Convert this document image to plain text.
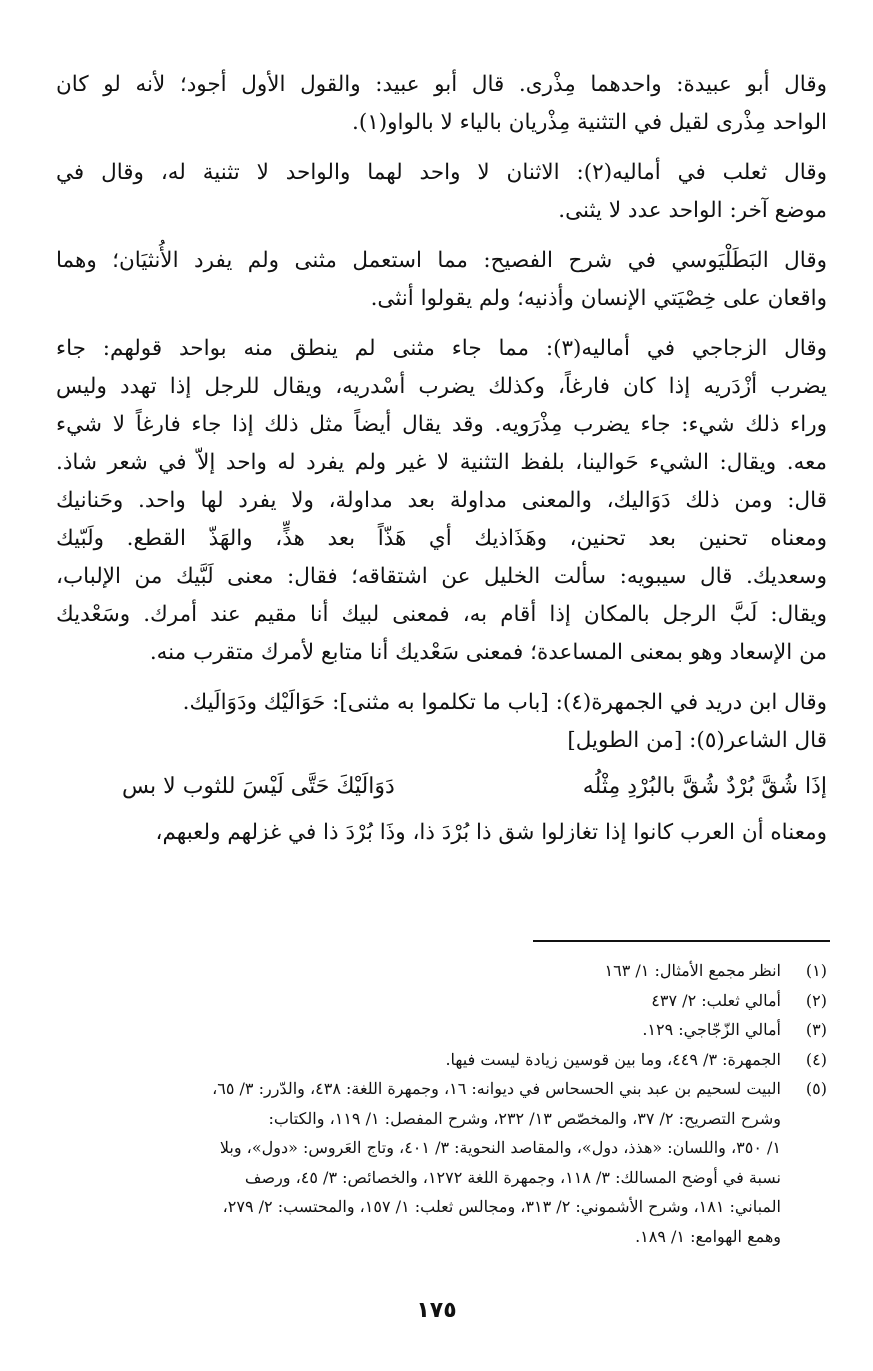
وقال أبو عبيدة: واحدهما مِذْرى. قال أبو عبيد: والقول الأول أجود؛ لأنه لو كان
الواحد مِذْرى لقيل في التثنية مِذْريان بالياء لا بالواو(١).

وقال ثعلب في أماليه(٢): الاثنان لا واحد لهما والواحد لا تثنية له، وقال في
موضع آخر: الواحد عدد لا يثنى.

وقال البَطَلْيَوسي في شرح الفصيح: مما استعمل مثنى ولم يفرد الأُنثيَان؛ وهما
واقعان على خِصْيَتي الإنسان وأذنيه؛ ولم يقولوا أنثى.

وقال الزجاجي في أماليه(٣): مما جاء مثنى لم ينطق منه بواحد قولهم: جاء
يضرب أزْدَريه إذا كان فارغاً، وكذلك يضرب أسْدريه، ويقال للرجل إذا تهدد وليس
وراء ذلك شيء: جاء يضرب مِذْرَويه. وقد يقال أيضاً مثل ذلك إذا جاء فارغاً لا شيء
معه. ويقال: الشيء حَوالينا، بلفظ التثنية لا غير ولم يفرد له واحد إلاّ في شعر شاذ.
قال: ومن ذلك دَوَاليك، والمعنى مداولة بعد مداولة، ولا يفرد لها واحد. وحَنانيك
ومعناه تحنين بعد تحنين، وهَذَاذيك أي هَذّاً بعد هذٍّ، والهَذّ القطع. ولَبّيك
وسعديك. قال سيبويه: سألت الخليل عن اشتقاقه؛ فقال: معنى لَبَّيك من الإلباب،
ويقال: لَبَّ الرجل بالمكان إذا أقام به، فمعنى لبيك أنا مقيم عند أمرك. وسَعْديك
من الإسعاد وهو بمعنى المساعدة؛ فمعنى سَعْديك أنا متابع لأمرك متقرب منه.

وقال ابن دريد في الجمهرة(٤): [باب ما تكلموا به مثنى]: حَوَالَيْك ودَوَالَيك.

قال الشاعر(٥): [من الطويل]

إذَا شُقَّ بُرْدٌ شُقَّ بالبُرْدِ مِثْلُه
دَوَالَيْكَ حَتَّى لَيْسَ للثوب لا بس

ومعناه أن العرب كانوا إذا تغازلوا شق ذا بُرْدَ ذا، وذَا بُرْدَ ذا في غزلهم ولعبهم،

(١)انظر مجمع الأمثال: ١/ ١٦٣
(٢)أمالي ثعلب: ٢/ ٤٣٧
(٣)أمالي الزّجّاجي: ١٢٩.
(٤)الجمهرة: ٣/ ٤٤٩، وما بين قوسين زيادة ليست فيها.
(٥)البيت لسحيم بن عبد بني الحسحاس في ديوانه: ١٦، وجمهرة اللغة: ٤٣٨، والدّرر: ٣/ ٦٥،
وشرح التصريح: ٢/ ٣٧، والمخصّص ١٣/ ٢٣٢، وشرح المفصل: ١/ ١١٩، والكتاب:
١/ ٣٥٠، واللسان: «هذذ، دول»، والمقاصد النحوية: ٣/ ٤٠١، وتاج العَروس: «دول»، وبلا
نسبة في أوضح المسالك: ٣/ ١١٨، وجمهرة اللغة ١٢٧٢، والخصائص: ٣/ ٤٥، ورصف
المباني: ١٨١، وشرح الأشموني: ٢/ ٣١٣، ومجالس ثعلب: ١/ ١٥٧، والمحتسب: ٢/ ٢٧٩،
وهمع الهوامع: ١/ ١٨٩.
١٧٥
